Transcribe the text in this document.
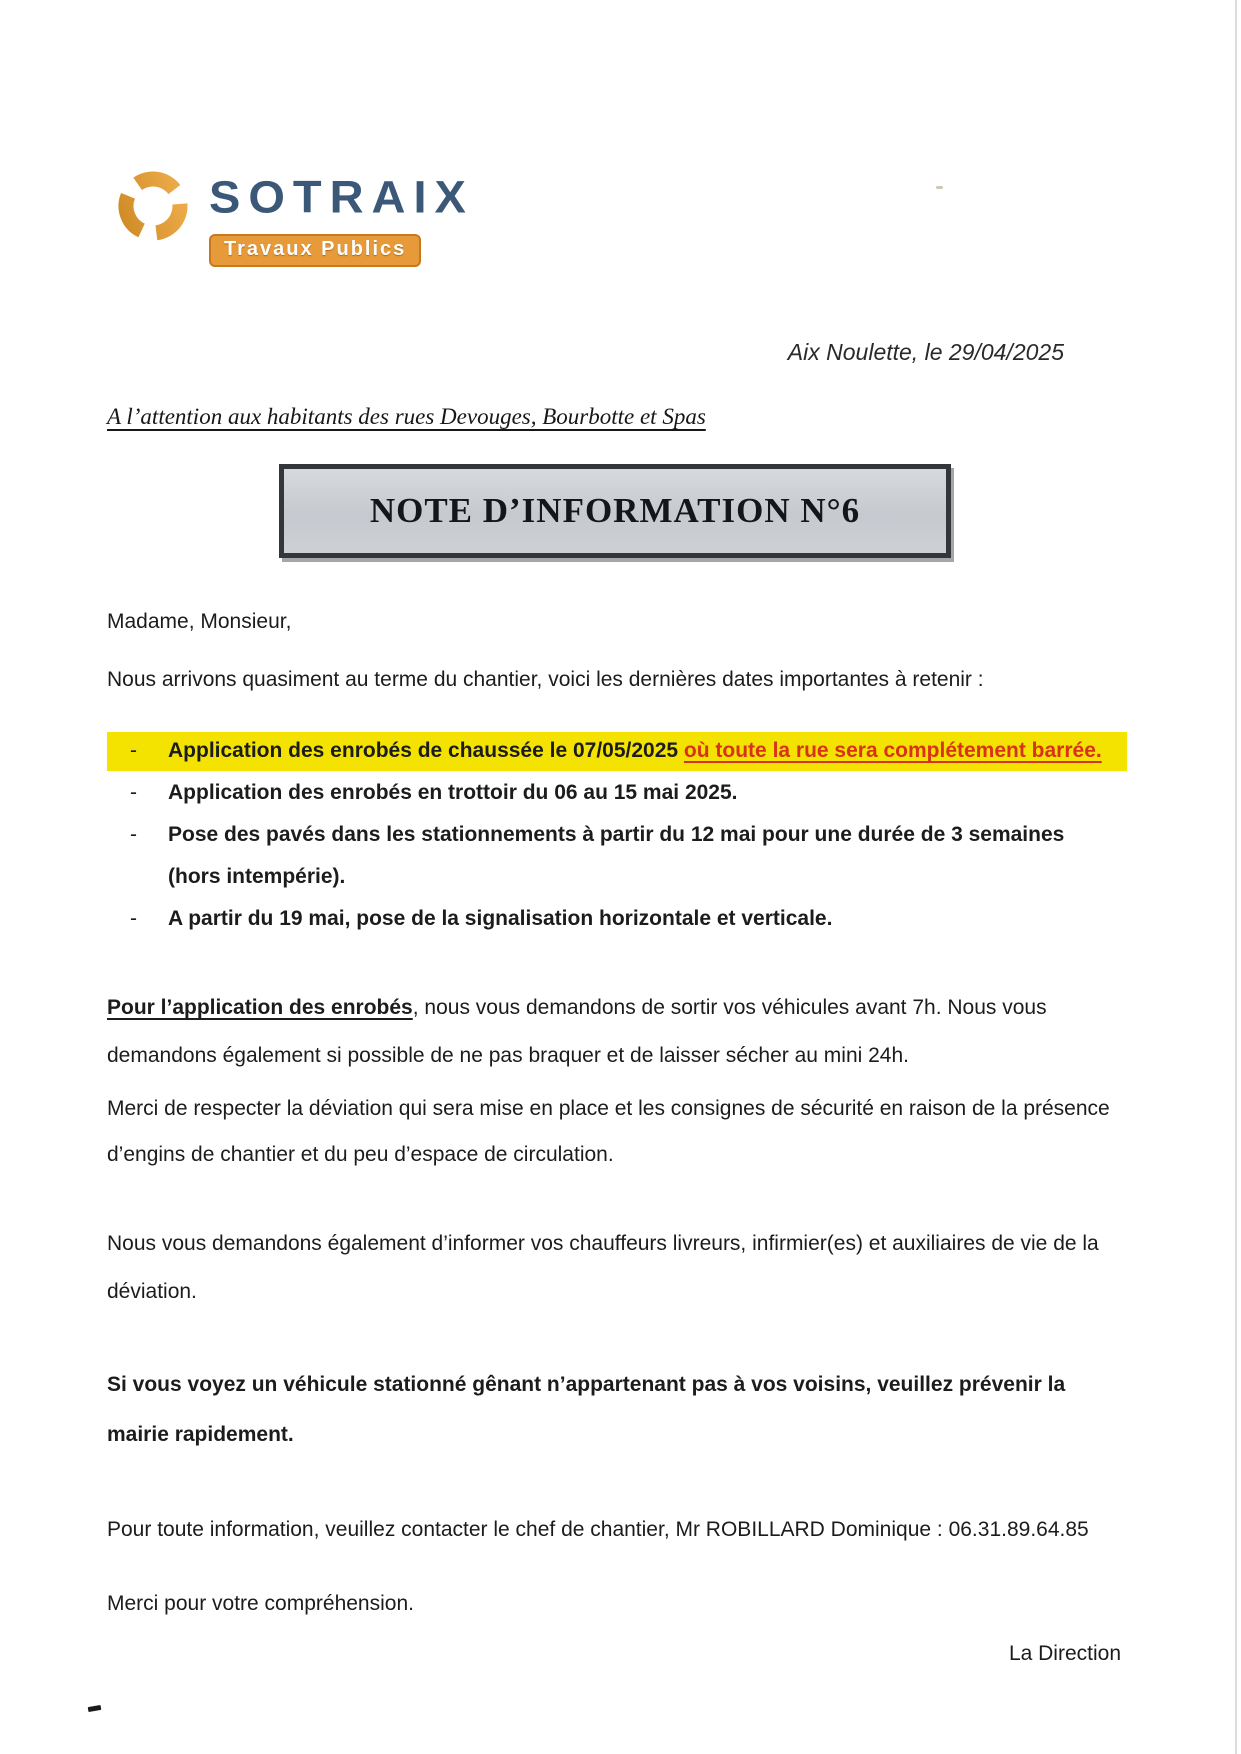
SOTRAIX
Travaux Publics
Aix Noulette, le 29/04/2025
A l’attention aux habitants des rues Devouges, Bourbotte et Spas
NOTE D’INFORMATION N°6
Madame, Monsieur,
Nous arrivons quasiment au terme du chantier, voici les dernières dates importantes à retenir :
-	Application des enrobés de chaussée le 07/05/2025 où toute la rue sera complétement barrée.
-	Application des enrobés en trottoir du 06 au 15 mai 2025.
-	Pose des pavés dans les stationnements à partir du 12 mai pour une durée de 3 semaines (hors intempérie).
-	A partir du 19 mai, pose de la signalisation horizontale et verticale.
Pour l’application des enrobés, nous vous demandons de sortir vos véhicules avant 7h. Nous vous demandons également si possible de ne pas braquer et de laisser sécher au mini 24h.
Merci de respecter la déviation qui sera mise en place et les consignes de sécurité en raison de la présence d’engins de chantier et du peu d’espace de circulation.
Nous vous demandons également d’informer vos chauffeurs livreurs, infirmier(es) et auxiliaires de vie de la déviation.
Si vous voyez un véhicule stationné gênant n’appartenant pas à vos voisins, veuillez prévenir la mairie rapidement.
Pour toute information, veuillez contacter le chef de chantier, Mr ROBILLARD Dominique : 06.31.89.64.85
Merci pour votre compréhension.
La Direction
